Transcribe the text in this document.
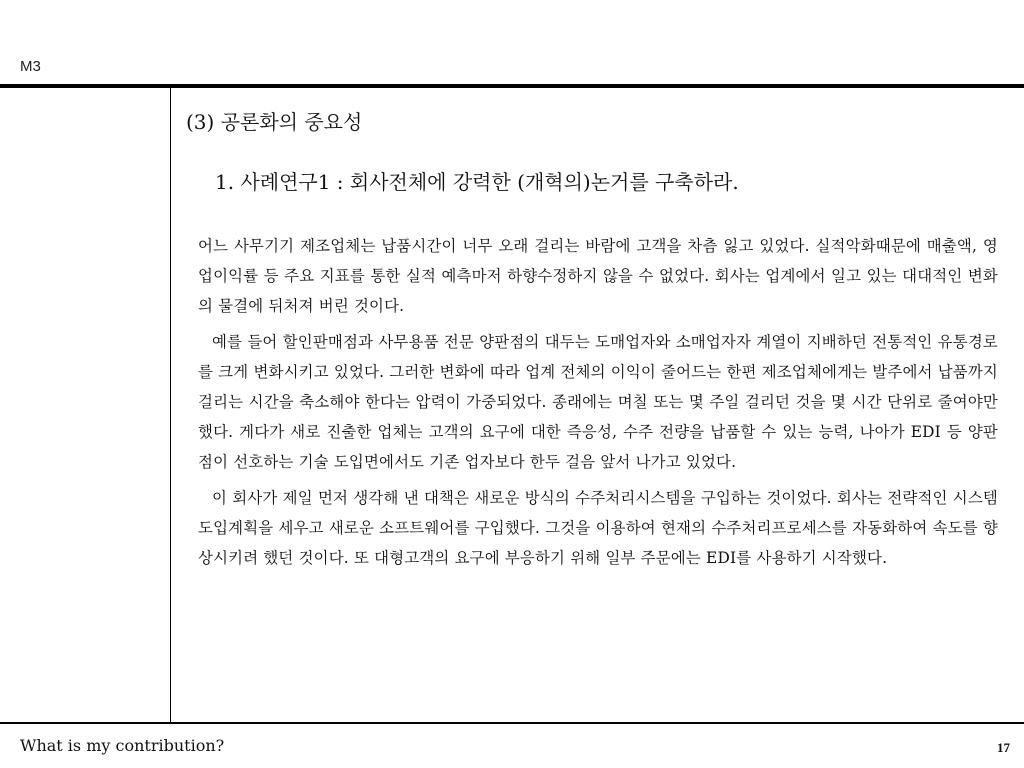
M3
(3) 공론화의 중요성
1. 사례연구1 : 회사전체에 강력한 (개혁의)논거를 구축하라.

어느 사무기기 제조업체는 납품시간이 너무 오래 걸리는 바람에 고객을 차츰 잃고 있었다. 실적악화때문에 매출액, 영업이익률 등 주요 지표를 통한 실적 예측마저 하향수정하지 않을 수 없었다. 회사는 업계에서 일고 있는 대대적인 변화의 물결에 뒤처져 버린 것이다.

예를 들어 할인판매점과 사무용품 전문 양판점의 대두는 도매업자와 소매업자자 계열이 지배하던 전통적인 유통경로를 크게 변화시키고 있었다. 그러한 변화에 따라 업계 전체의 이익이 줄어드는 한편 제조업체에게는 발주에서 납품까지 걸리는 시간을 축소해야 한다는 압력이 가중되었다. 종래에는 며칠 또는 몇 주일 걸리던 것을 몇 시간 단위로 줄여야만 했다. 게다가 새로 진출한 업체는 고객의 요구에 대한 즉응성, 수주 전량을 납품할 수 있는 능력, 나아가 EDI 등 양판점이 선호하는 기술 도입면에서도 기존 업자보다 한두 걸음 앞서 나가고 있었다.

이 회사가 제일 먼저 생각해 낸 대책은 새로운 방식의 수주처리시스템을 구입하는 것이었다. 회사는 전략적인 시스템 도입계획을 세우고 새로운 소프트웨어를 구입했다. 그것을 이용하여 현재의 수주처리프로세스를 자동화하여 속도를 향상시키려 했던 것이다. 또 대형고객의 요구에 부응하기 위해 일부 주문에는 EDI를 사용하기 시작했다.

What is my contribution?	17
